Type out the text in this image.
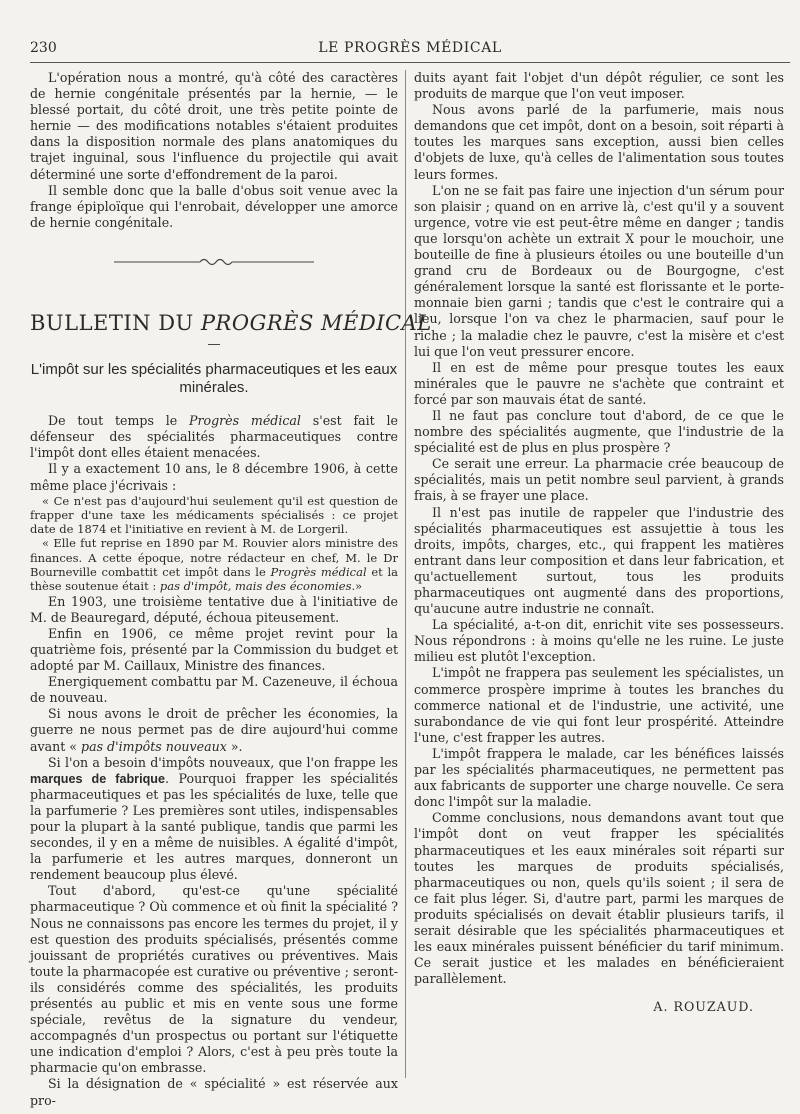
230	LE PROGRÈS MÉDICAL

L'opération nous a montré, qu'à côté des caractères de hernie congénitale présentés par la hernie, — le blessé portait, du côté droit, une très petite pointe de hernie — des modifications notables s'étaient produites dans la disposition normale des plans anatomiques du trajet inguinal, sous l'influence du projectile qui avait déterminé une sorte d'effondrement de la paroi.

Il semble donc que la balle d'obus soit venue avec la frange épiploïque qui l'enrobait, développer une amorce de hernie congénitale.

BULLETIN DU PROGRÈS MÉDICAL

—

L'impôt sur les spécialités pharmaceutiques et les eaux minérales.

De tout temps le Progrès médical s'est fait le défenseur des spécialités pharmaceutiques contre l'impôt dont elles étaient menacées.

Il y a exactement 10 ans, le 8 décembre 1906, à cette même place j'écrivais :

« Ce n'est pas d'aujourd'hui seulement qu'il est question de frapper d'une taxe les médicaments spécialisés : ce projet date de 1874 et l'initiative en revient à M. de Lorgeril.

« Elle fut reprise en 1890 par M. Rouvier alors ministre des finances. A cette époque, notre rédacteur en chef, M. le Dr Bourneville combattit cet impôt dans le Progrès médical et la thèse soutenue était : pas d'impôt, mais des économies.»

En 1903, une troisième tentative due à l'initiative de M. de Beauregard, député, échoua piteusement.

Enfin en 1906, ce même projet revint pour la quatrième fois, présenté par la Commission du budget et adopté par M. Caillaux, Ministre des finances.

Energiquement combattu par M. Cazeneuve, il échoua de nouveau.

Si nous avons le droit de prêcher les économies, la guerre ne nous permet pas de dire aujourd'hui comme avant « pas d'impôts nouveaux ».

Si l'on a besoin d'impôts nouveaux, que l'on frappe les marques de fabrique. Pourquoi frapper les spécialités pharmaceutiques et pas les spécialités de luxe, telle que la parfumerie ? Les premières sont utiles, indispensables pour la plupart à la santé publique, tandis que parmi les secondes, il y en a même de nuisibles. A égalité d'impôt, la parfumerie et les autres marques, donneront un rendement beaucoup plus élevé.

Tout d'abord, qu'est-ce qu'une spécialité pharmaceutique ? Où commence et où finit la spécialité ? Nous ne connaissons pas encore les termes du projet, il y est question des produits spécialisés, présentés comme jouissant de propriétés curatives ou préventives. Mais toute la pharmacopée est curative ou préventive ; seront-ils considérés comme des spécialités, les produits présentés au public et mis en vente sous une forme spéciale, revêtus de la signature du vendeur, accompagnés d'un prospectus ou portant sur l'étiquette une indication d'emploi ? Alors, c'est à peu près toute la pharmacie qu'on embrasse.

Si la désignation de « spécialité » est réservée aux pro-

duits ayant fait l'objet d'un dépôt régulier, ce sont les produits de marque que l'on veut imposer.

Nous avons parlé de la parfumerie, mais nous demandons que cet impôt, dont on a besoin, soit réparti à toutes les marques sans exception, aussi bien celles d'objets de luxe, qu'à celles de l'alimentation sous toutes leurs formes.

L'on ne se fait pas faire une injection d'un sérum pour son plaisir ; quand on en arrive là, c'est qu'il y a souvent urgence, votre vie est peut-être même en danger ; tandis que lorsqu'on achète un extrait X pour le mouchoir, une bouteille de fine à plusieurs étoiles ou une bouteille d'un grand cru de Bordeaux ou de Bourgogne, c'est généralement lorsque la santé est florissante et le porte-monnaie bien garni ; tandis que c'est le contraire qui a lieu, lorsque l'on va chez le pharmacien, sauf pour le riche ; la maladie chez le pauvre, c'est la misère et c'est lui que l'on veut pressurer encore.

Il en est de même pour presque toutes les eaux minérales que le pauvre ne s'achète que contraint et forcé par son mauvais état de santé.

Il ne faut pas conclure tout d'abord, de ce que le nombre des spécialités augmente, que l'industrie de la spécialité est de plus en plus prospère ?

Ce serait une erreur. La pharmacie crée beaucoup de spécialités, mais un petit nombre seul parvient, à grands frais, à se frayer une place.

Il n'est pas inutile de rappeler que l'industrie des spécialités pharmaceutiques est assujettie à tous les droits, impôts, charges, etc., qui frappent les matières entrant dans leur composition et dans leur fabrication, et qu'actuellement surtout, tous les produits pharmaceutiques ont augmenté dans des proportions, qu'aucune autre industrie ne connaît.

La spécialité, a-t-on dit, enrichit vite ses possesseurs. Nous répondrons : à moins qu'elle ne les ruine. Le juste milieu est plutôt l'exception.

L'impôt ne frappera pas seulement les spécialistes, un commerce prospère imprime à toutes les branches du commerce national et de l'industrie, une activité, une surabondance de vie qui font leur prospérité. Atteindre l'une, c'est frapper les autres.

L'impôt frappera le malade, car les bénéfices laissés par les spécialités pharmaceutiques, ne permettent pas aux fabricants de supporter une charge nouvelle. Ce sera donc l'impôt sur la maladie.

Comme conclusions, nous demandons avant tout que l'impôt dont on veut frapper les spécialités pharmaceutiques et les eaux minérales soit réparti sur toutes les marques de produits spécialisés, pharmaceutiques ou non, quels qu'ils soient ; il sera de ce fait plus léger. Si, d'autre part, parmi les marques de produits spécialisés on devait établir plusieurs tarifs, il serait désirable que les spécialités pharmaceutiques et les eaux minérales puissent bénéficier du tarif minimum. Ce serait justice et les malades en bénéficieraient parallèlement.

A. ROUZAUD.
